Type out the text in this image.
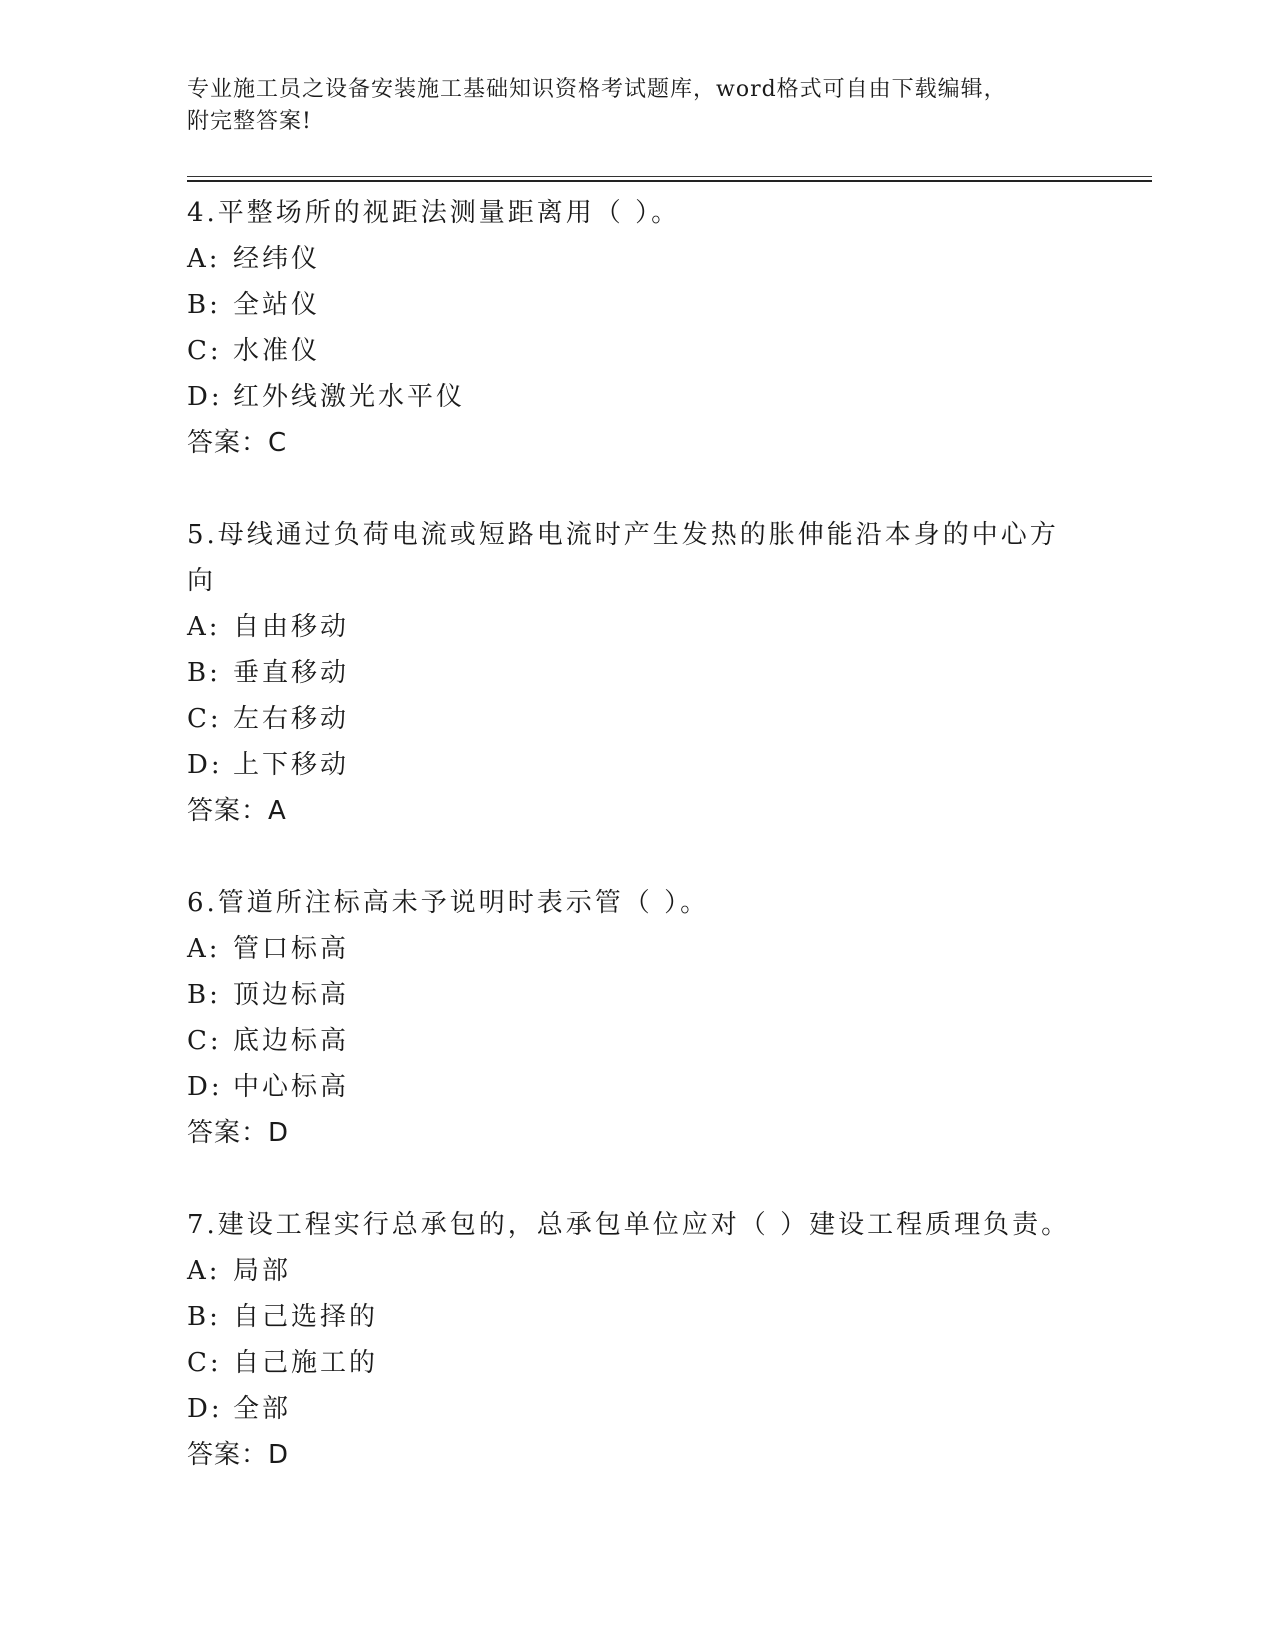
专业施工员之设备安装施工基础知识资格考试题库，word格式可自由下载编辑，
附完整答案!
4.平整场所的视距法测量距离用（ ）。
A: 经纬仪
B: 全站仪
C: 水准仪
D: 红外线激光水平仪
答案：C
5.母线通过负荷电流或短路电流时产生发热的胀伸能沿本身的中心方向
A: 自由移动
B: 垂直移动
C: 左右移动
D: 上下移动
答案：A
6.管道所注标高未予说明时表示管（ ）。
A: 管口标高
B: 顶边标高
C: 底边标高
D: 中心标高
答案：D
7.建设工程实行总承包的，总承包单位应对（ ）建设工程质理负责。
A: 局部
B: 自己选择的
C: 自己施工的
D: 全部
答案：D
